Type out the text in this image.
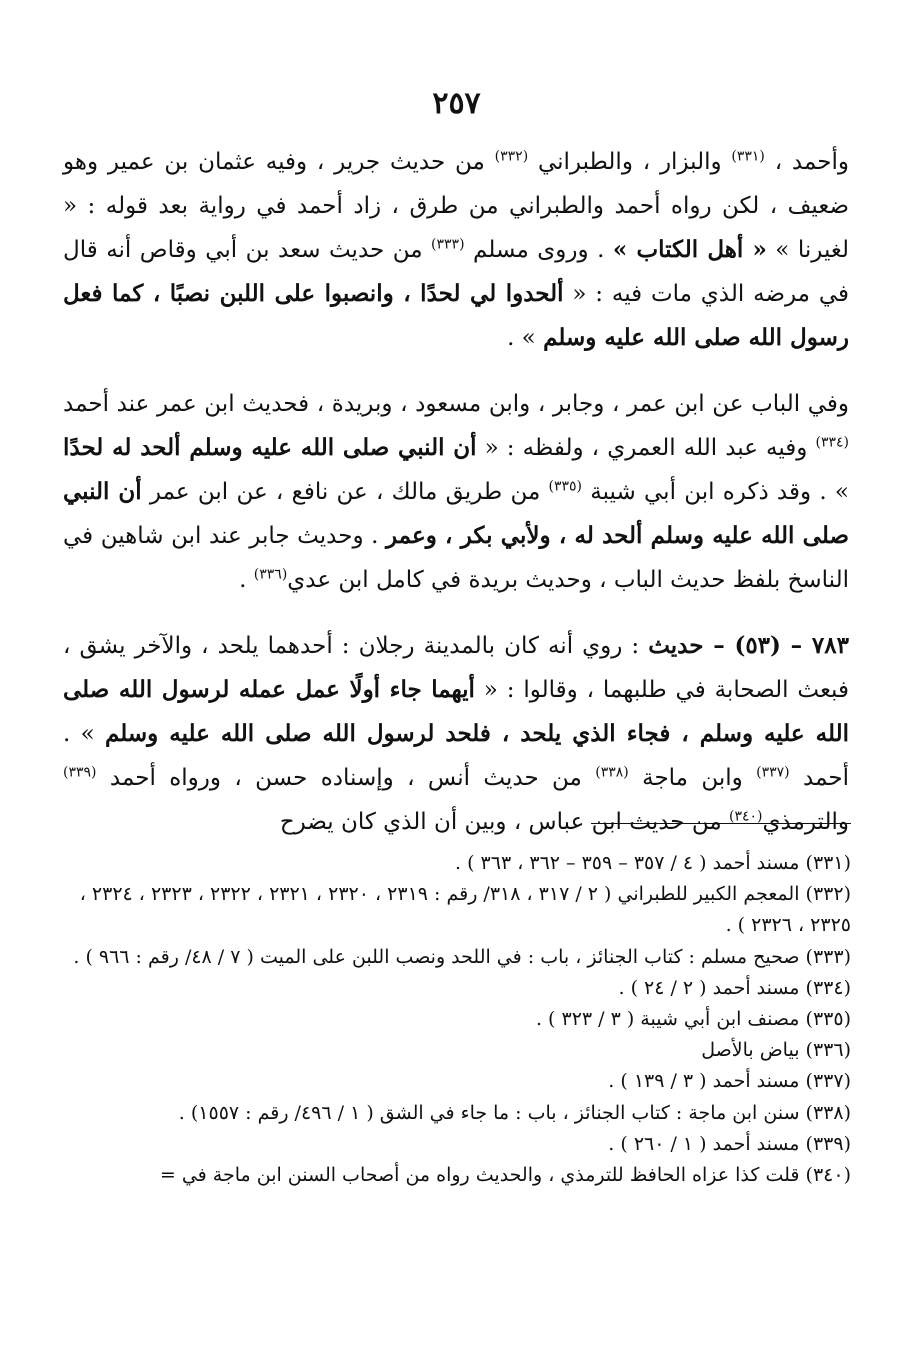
٢٥٧

وأحمد ، $^{(٣٣١)}$ والبزار ، والطبراني $^{(٣٣٢)}$ من حديث جرير ، وفيه عثمان بن عمير وهو ضعيف ، لكن رواه أحمد والطبراني من طرق ، زاد أحمد في رواية بعد قوله : « لغيرنا » « أهل الكتاب » . وروى مسلم $^{(٣٣٣)}$ من حديث سعد بن أبي وقاص أنه قال في مرضه الذي مات فيه : « ألحدوا لي لحدًا ، وانصبوا على اللبن نصبًا ، كما فعل رسول الله صلى الله عليه وسلم » .

وفي الباب عن ابن عمر ، وجابر ، وابن مسعود ، وبريدة ، فحديث ابن عمر عند أحمد $^{(٣٣٤)}$ وفيه عبد الله العمري ، ولفظه : « أن النبي صلى الله عليه وسلم ألحد له لحدًا » . وقد ذكره ابن أبي شيبة $^{(٣٣٥)}$ من طريق مالك ، عن نافع ، عن ابن عمر أن النبي صلى الله عليه وسلم ألحد له ، ولأبي بكر ، وعمر . وحديث جابر عند ابن شاهين في الناسخ بلفظ حديث الباب ، وحديث بريدة في كامل ابن عدي$^{(٣٣٦)}$ .

٧٨٣ – (٥٣) – حديث : روي أنه كان بالمدينة رجلان : أحدهما يلحد ، والآخر يشق ، فبعث الصحابة في طلبهما ، وقالوا : « أيهما جاء أولًا عمل عمله لرسول الله صلى الله عليه وسلم ، فجاء الذي يلحد ، فلحد لرسول الله صلى الله عليه وسلم » . أحمد $^{(٣٣٧)}$ وابن ماجة $^{(٣٣٨)}$ من حديث أنس ، وإسناده حسن ، ورواه أحمد $^{(٣٣٩)}$ والترمذي$^{(٣٤٠)}$ من حديث ابن عباس ، وبين أن الذي كان يضرح

(٣٣١) مسند أحمد ( ٤ / ٣٥٧ – ٣٥٩ – ٣٦٢ ، ٣٦٣ ) .

(٣٣٢) المعجم الكبير للطبراني ( ٢ / ٣١٧ ، ٣١٨/ رقم : ٢٣١٩ ، ٢٣٢٠ ، ٢٣٢١ ، ٢٣٢٢ ، ٢٣٢٣ ، ٢٣٢٤ ، ٢٣٢٥ ، ٢٣٢٦ ) .

(٣٣٣) صحيح مسلم : كتاب الجنائز ، باب : في اللحد ونصب اللبن على الميت ( ٧ / ٤٨/ رقم : ٩٦٦ ) .

(٣٣٤) مسند أحمد ( ٢ / ٢٤ ) .

(٣٣٥) مصنف ابن أبي شيبة ( ٣ / ٣٢٣ ) .

(٣٣٦) بياض بالأصل

(٣٣٧) مسند أحمد ( ٣ / ١٣٩ ) .

(٣٣٨) سنن ابن ماجة : كتاب الجنائز ، باب : ما جاء في الشق ( ١ / ٤٩٦/ رقم : ١٥٥٧) .

(٣٣٩) مسند أحمد ( ١ / ٢٦٠ ) .

(٣٤٠) قلت كذا عزاه الحافظ للترمذي ، والحديث رواه من أصحاب السنن ابن ماجة في =
